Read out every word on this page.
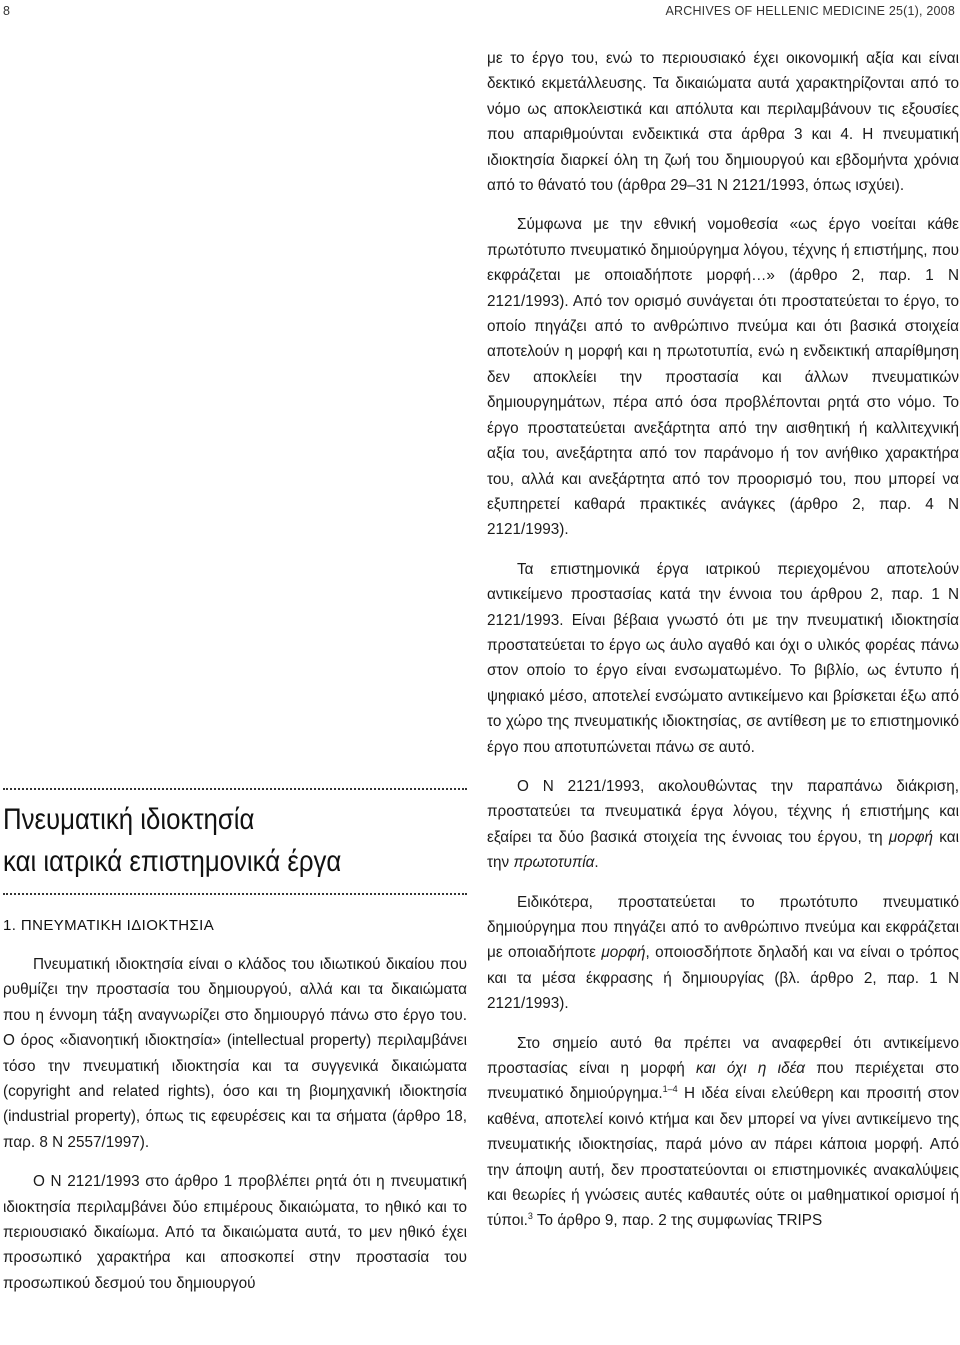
8	ARCHIVES OF HELLENIC MEDICINE 25(1), 2008
Πνευματική ιδιοκτησία
και ιατρικά επιστημονικά έργα
1. ΠΝΕΥΜΑΤΙΚΗ ΙΔΙΟΚΤΗΣΙΑ

Πνευματική ιδιοκτησία είναι ο κλάδος του ιδιωτικού δικαίου που ρυθμίζει την προστασία του δημιουργού, αλλά και τα δικαιώματα που η έννομη τάξη αναγνωρίζει στο δημιουργό πάνω στο έργο του. Ο όρος «διανοητική ιδιοκτησία» (intellectual property) περιλαμβάνει τόσο την πνευματική ιδιοκτησία και τα συγγενικά δικαιώματα (copyright and related rights), όσο και τη βιομηχανική ιδιοκτησία (industrial property), όπως τις εφευρέσεις και τα σήματα (άρθρο 18, παρ. 8 Ν 2557/1997).

Ο Ν 2121/1993 στο άρθρο 1 προβλέπει ρητά ότι η πνευματική ιδιοκτησία περιλαμβάνει δύο επιμέρους δικαιώματα, το ηθικό και το περιουσιακό δικαίωμα. Από τα δικαιώματα αυτά, το μεν ηθικό έχει προσωπικό χαρακτήρα και αποσκοπεί στην προστασία του προσωπικού δεσμού του δημιουργού

με το έργο του, ενώ το περιουσιακό έχει οικονομική αξία και είναι δεκτικό εκμετάλλευσης. Τα δικαιώματα αυτά χαρακτηρίζονται από το νόμο ως αποκλειστικά και απόλυτα και περιλαμβάνουν τις εξουσίες που απαριθμούνται ενδεικτικά στα άρθρα 3 και 4. Η πνευματική ιδιοκτησία διαρκεί όλη τη ζωή του δημιουργού και εβδομήντα χρόνια από το θάνατό του (άρθρα 29–31 Ν 2121/1993, όπως ισχύει).

Σύμφωνα με την εθνική νομοθεσία «ως έργο νοείται κάθε πρωτότυπο πνευματικό δημιούργημα λόγου, τέχνης ή επιστήμης, που εκφράζεται με οποιαδήποτε μορφή…» (άρθρο 2, παρ. 1 Ν 2121/1993). Από τον ορισμό συνάγεται ότι προστατεύεται το έργο, το οποίο πηγάζει από το ανθρώπινο πνεύμα και ότι βασικά στοιχεία αποτελούν η μορφή και η πρωτοτυπία, ενώ η ενδεικτική απαρίθμηση δεν αποκλείει την προστασία και άλλων πνευματικών δημιουργημάτων, πέρα από όσα προβλέπονται ρητά στο νόμο. Το έργο προστατεύεται ανεξάρτητα από την αισθητική ή καλλιτεχνική αξία του, ανεξάρτητα από τον παράνομο ή τον ανήθικο χαρακτήρα του, αλλά και ανεξάρτητα από τον προορισμό του, που μπορεί να εξυπηρετεί καθαρά πρακτικές ανάγκες (άρθρο 2, παρ. 4 Ν 2121/1993).

Τα επιστημονικά έργα ιατρικού περιεχομένου αποτελούν αντικείμενο προστασίας κατά την έννοια του άρθρου 2, παρ. 1 Ν 2121/1993. Είναι βέβαια γνωστό ότι με την πνευματική ιδιοκτησία προστατεύεται το έργο ως άυλο αγαθό και όχι ο υλικός φορέας πάνω στον οποίο το έργο είναι ενσωματωμένο. Το βιβλίο, ως έντυπο ή ψηφιακό μέσο, αποτελεί ενσώματο αντικείμενο και βρίσκεται έξω από το χώρο της πνευματικής ιδιοκτησίας, σε αντίθεση με το επιστημονικό έργο που αποτυπώνεται πάνω σε αυτό.

Ο Ν 2121/1993, ακολουθώντας την παραπάνω διάκριση, προστατεύει τα πνευματικά έργα λόγου, τέχνης ή επιστήμης και εξαίρει τα δύο βασικά στοιχεία της έννοιας του έργου, τη μορφή και την πρωτοτυπία.

Ειδικότερα, προστατεύεται το πρωτότυπο πνευματικό δημιούργημα που πηγάζει από το ανθρώπινο πνεύμα και εκφράζεται με οποιαδήποτε μορφή, οποιοσδήποτε δηλαδή και να είναι ο τρόπος και τα μέσα έκφρασης ή δημιουργίας (βλ. άρθρο 2, παρ. 1 Ν 2121/1993).

Στο σημείο αυτό θα πρέπει να αναφερθεί ότι αντικείμενο προστασίας είναι η μορφή και όχι η ιδέα που περιέχεται στο πνευματικό δημιούργημα.$^{1-4}$ Η ιδέα είναι ελεύθερη και προσιτή στον καθένα, αποτελεί κοινό κτήμα και δεν μπορεί να γίνει αντικείμενο της πνευματικής ιδιοκτησίας, παρά μόνο αν πάρει κάποια μορφή. Από την άποψη αυτή, δεν προστατεύονται οι επιστημονικές ανακαλύψεις και θεωρίες ή γνώσεις αυτές καθαυτές ούτε οι μαθηματικοί ορισμοί ή τύποι.$^3$ Το άρθρο 9, παρ. 2 της συμφωνίας TRIPS
